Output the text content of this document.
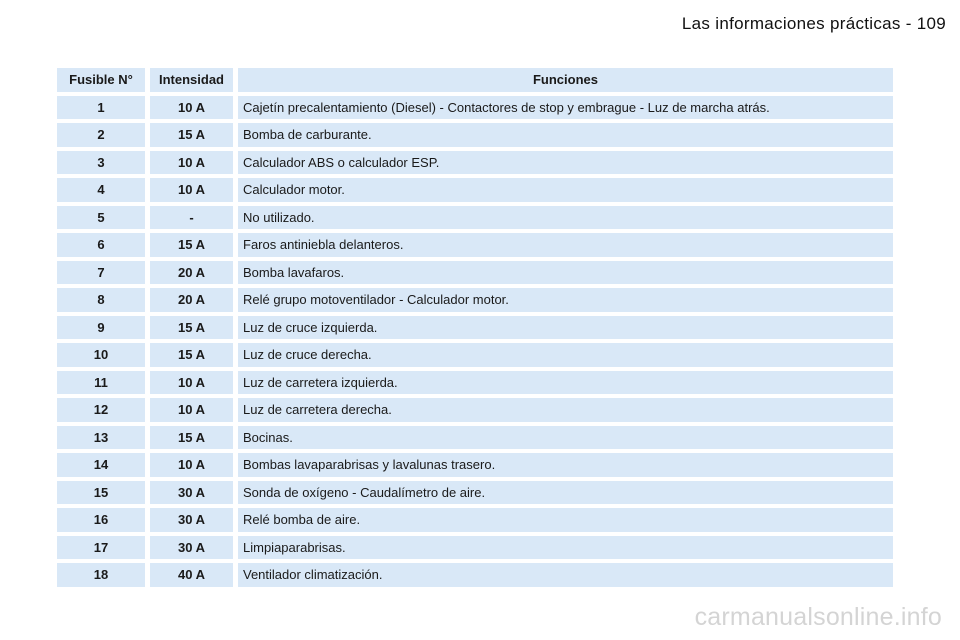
Las informaciones prácticas - 109
Fusible N°	Intensidad	Funciones
1	10 A	Cajetín precalentamiento (Diesel) - Contactores de stop y embrague - Luz de marcha atrás.
2	15 A	Bomba de carburante.
3	10 A	Calculador ABS o calculador ESP.
4	10 A	Calculador motor.
5	-	No utilizado.
6	15 A	Faros antiniebla delanteros.
7	20 A	Bomba lavafaros.
8	20 A	Relé grupo motoventilador - Calculador motor.
9	15 A	Luz de cruce izquierda.
10	15 A	Luz de cruce derecha.
11	10 A	Luz de carretera izquierda.
12	10 A	Luz de carretera derecha.
13	15 A	Bocinas.
14	10 A	Bombas lavaparabrisas y lavalunas trasero.
15	30 A	Sonda de oxígeno - Caudalímetro de aire.
16	30 A	Relé bomba de aire.
17	30 A	Limpiaparabrisas.
18	40 A	Ventilador climatización.
carmanualsonline.info
